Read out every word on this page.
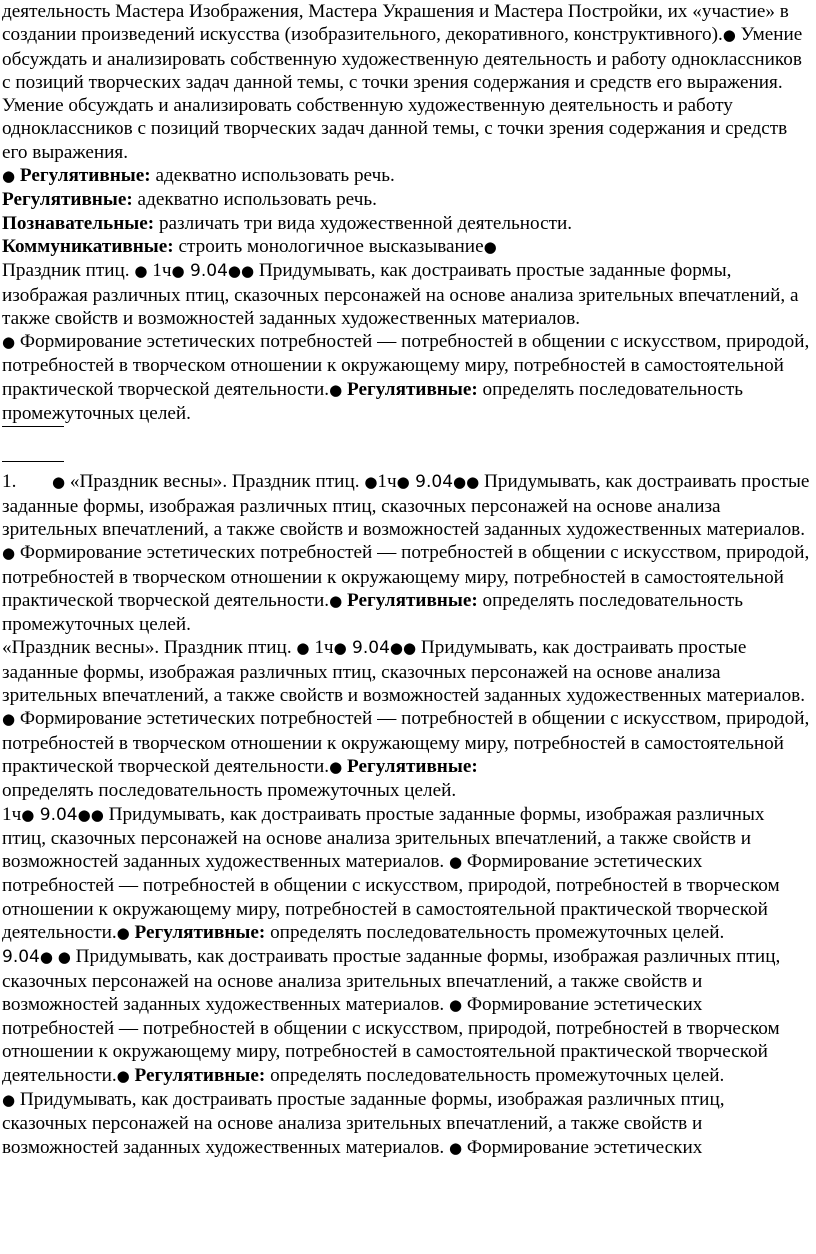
деятельность Мастера Изображения, Мастера Украшения и Мастера Постройки, их «участие» в создании произведений искусства (изобразительного, декоративного, конструктивного).● Умение обсуждать и анализировать собственную художественную деятельность и работу одноклассников с позиций творческих задач данной темы, с точки зрения содержания и средств его выражения.

Умение обсуждать и анализировать собственную художественную деятельность и работу одноклассников с позиций творческих задач данной темы, с точки зрения содержания и средств его выражения.

● Регулятивные: адекватно использовать речь.

Регулятивные: адекватно использовать речь.

Познавательные: различать три вида художественной деятельности.

Коммуникативные: строить монологичное высказывание●

Праздник птиц. ● 1ч● 9.04●● Придумывать, как достраивать простые заданные формы, изображая различных птиц, сказочных персонажей на основе анализа зрительных впечатлений, а также свойств и возможностей заданных художественных материалов.
● Формирование эстетических потребностей — потребностей в общении с искусством, природой, потребностей в творческом отношении к окружающему миру, потребностей в самостоятельной практической творческой деятельности.● Регулятивные: определять последовательность промежуточных целей.

1. ● «Праздник весны». Праздник птиц. ●1ч● 9.04●● Придумывать, как достраивать простые заданные формы, изображая различных птиц, сказочных персонажей на основе анализа зрительных впечатлений, а также свойств и возможностей заданных художественных материалов. ● Формирование эстетических потребностей — потребностей в общении с искусством, природой, потребностей в творческом отношении к окружающему миру, потребностей в самостоятельной практической творческой деятельности.● Регулятивные: определять последовательность промежуточных целей.

«Праздник весны». Праздник птиц. ● 1ч● 9.04●● Придумывать, как достраивать простые заданные формы, изображая различных птиц, сказочных персонажей на основе анализа зрительных впечатлений, а также свойств и возможностей заданных художественных материалов. ● Формирование эстетических потребностей — потребностей в общении с искусством, природой, потребностей в творческом отношении к окружающему миру, потребностей в самостоятельной практической творческой деятельности.● Регулятивные:
определять последовательность промежуточных целей.

1ч● 9.04●● Придумывать, как достраивать простые заданные формы, изображая различных птиц, сказочных персонажей на основе анализа зрительных впечатлений, а также свойств и возможностей заданных художественных материалов. ● Формирование эстетических потребностей — потребностей в общении с искусством, природой, потребностей в творческом отношении к окружающему миру, потребностей в самостоятельной практической творческой деятельности.● Регулятивные: определять последовательность промежуточных целей.

9.04● ● Придумывать, как достраивать простые заданные формы, изображая различных птиц, сказочных персонажей на основе анализа зрительных впечатлений, а также свойств и возможностей заданных художественных материалов. ● Формирование эстетических потребностей — потребностей в общении с искусством, природой, потребностей в творческом отношении к окружающему миру, потребностей в самостоятельной практической творческой деятельности.● Регулятивные: определять последовательность промежуточных целей.

● Придумывать, как достраивать простые заданные формы, изображая различных птиц, сказочных персонажей на основе анализа зрительных впечатлений, а также свойств и возможностей заданных художественных материалов. ● Формирование эстетических
